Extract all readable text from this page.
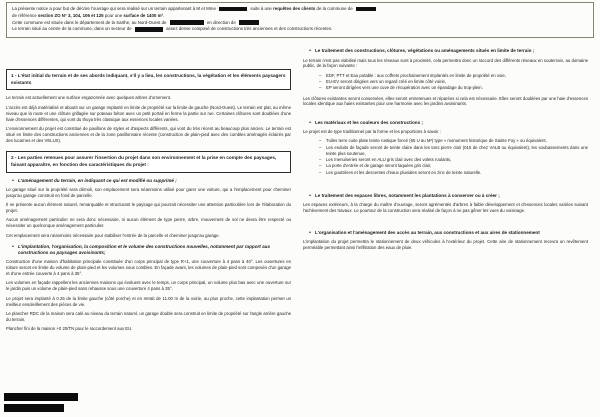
La présente notice a pour but de décrire l'ouvrage qui sera réalisé sur un terrain appartenant à M et Mme	suite à une requêtes des clients de la commune de
de référence section ZO N° 3, 104, 106 et 125 pour une surface de 1400 m².
Cette commune est située dans le département de la Sarthe, au Nord-Ouest de	en direction de
Le terrain situé au centre de la commune, dans un secteur de	assez dense composé de constructions très anciennes et des constructions récentes.
1 - L'état initial du terrain et de ses abords indiquant, s'il y a lieu, les constructions, la végétation et les éléments paysagers existants

Le terrain est actuellement une surface engazonnée avec quelques arbres d'ornement.

L'accès est déjà matérialisé et aboutit sur un garage implanté en limite de propriété sur la limite de gauche (Nord-Ouest). Le terrain est plat, au même niveau que la route et une clôture grillagée sur poteaux béton avec un petit portail en ferme la partie sur rue. Certaines clôtures sont doublées d'une haie d'essences différentes, qui vont du thuya très classique aux essences locales variées.

L'environnement du projet est constitué de pavillons de styles et d'aspects différents, qui vont du très récent au beaucoup plus ancien. Le terrain est situé en limite des constructions anciennes et de la zone pavillonnaire récente (construction de plain-pied avec des combles aménagés éclairés par des lucarnes et des VELUX).

2 - Les parties retenues pour assurer l'insertion du projet dans son environnement et la prise en compte des paysages, faisant apparaître, en fonction des caractéristiques du projet :
• L'aménagement du terrain, en indiquant ce qui est modifié ou supprimé ;

Le garage situé sur la propriété sera démoli, son emplacement sera néanmoins utilisé pour garer une voiture, qui a l'emplacement pour cheminer jusqu'au garage construit en fond de parcelle.

Il ne présente aucun élément naturel, remarquable et structurant le paysage qui pourrait nécessiter une attention particulière lors de l'élaboration du projet.

Aucun aménagement particulier ne sera donc nécessaire, ni aucun élément de type pierre, arbre, mouvement de sol ne devra être respecté ou nécessiter un quelconque aménagement particulier.

Cet emplacement sera néanmoins nécessaire pour stabiliser l'entrée de la parcelle et cheminer jusqu'au garage.

• L'implantation, l'organisation, la composition et le volume des constructions nouvelles, notamment par rapport aux constructions ou paysages avoisinants;

Construction d'une maison d'habitation principale constituée d'un corps principal de type R+1, une couverture à 4 pans à 40°. Les ouvertures en toiture seront en limite du volume de plain-pied et les volumes sous combles. En façade avant, les volumes de plain-pied sont composés d'un garage et d'une entrée couverte à 4 pans à 35°.

Les volumes en façade rappellent les anciennes maisons qui évoluent avec le temps, un corps principal, un volume plus bas avec une ouverture sur le jardin puis un volume de plain-pied sans rehausse sous une couverture 4 pans à 35°.

Le projet sera implanté à 0.25 de la limite gauche (côté porche) et en retrait de 11.00 m de la voirie, au plus proche, cette implantation permet un meilleur ensoleillement des pièces de vie.

Le plancher RDC de la maison sera calé au niveau du terrain naturel, un garage double sera construit en limite de propriété sur l'angle arrière gauche du terrain.

Plancher fini de la maison +0 20/TN pour le raccordement aux EU.

• Le traitement des constructions, clôtures, végétations ou aménagements situés en limite de terrain ;

Le terrain n'est pas viabilisé mais tous les réseaux sont à proximité, cela permettra donc un raccord des différents réseaux en souterrain, au domaine public, de la façon suivante :

– EDF, PTT et Eau potable : aux coffrets prochainement implantés en limite de propriété en voie,
– EU-EV seront dirigées vers un regard créé en limite côté voirie,
– EP seront dirigées vers une cuve de récupération avec un épandage du trop-plein.

Les clôtures existantes seront conservées, elles seront entretenues et réparées si cela est nécessaire. Elles seront doublées par une haie d'essences locales identique aux haies existantes pour une harmonie avec les jardins avoisinants.

• Les matériaux et les couleurs des constructions ;

Le projet est de type traditionnel par la forme et les proportions à savoir :

– Tuiles terre cuite plate teinte rustique foncé (65 U au M²) type « monument historique de Sainte Foy » ou équivalent,
– Les enduits de façade seront de teinte claire dans les tons pierre clair (015 de chez VALB ou équivalent), les soubassements dans une teinte plus soutenue,
– Les menuiseries seront en ALU gris clair avec des volets roulants,
– La porte d'entrée et de garage seront laquées gris clair,
– Les gouttières et les descentes d'eaux pluviales seront en zinc de teinte naturelle.
• Le traitement des espaces libres, notamment les plantations à conserver ou à créer ;

Les espaces extérieurs, à la charge du maître d'ouvrage, seront agrémentés d'arbres à faible développement et d'essences locales variées suivant l'achèvement des travaux. Le pourtour de la construction sera réalisé de façon à ne pas gêner les vues du voisinage.

• L'organisation et l'aménagement des accès au terrain, aux constructions et aux aires de stationnement

L'implantation du projet permettra le stationnement de deux véhicules à l'extérieur du projet. Cette aire de stationnement recevra un revêtement perméable permettant ainsi l'infiltration des eaux de pluie.
